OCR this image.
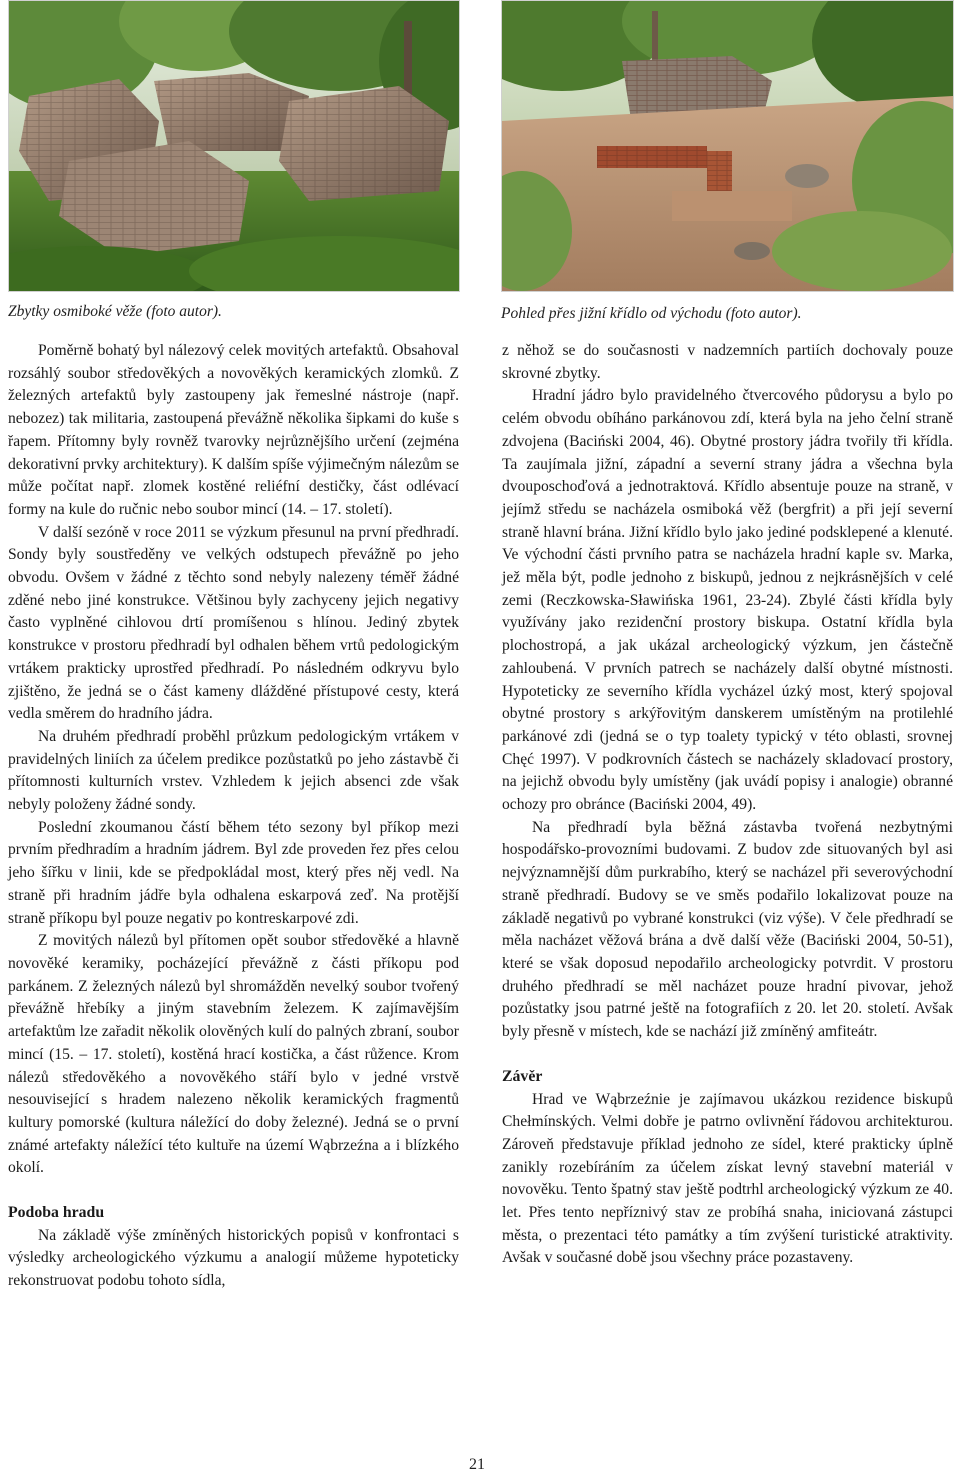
Zbytky osmiboké věže (foto autor).	Pohled přes jižní křídlo od východu (foto autor).

Poměrně bohatý byl nálezový celek movitých artefaktů. Obsahoval rozsáhlý soubor středověkých a novověkých keramických zlomků. Z železných artefaktů byly zastoupeny jak řemeslné nástroje (např. nebozez) tak militaria, zastoupená převážně několika šipkami do kuše s řapem. Přítomny byly rovněž tvarovky nejrůznějšího určení (zejména dekorativní prvky architektury). K dalším spíše výjimečným nálezům se může počítat např. zlomek kostěné reliéfní destičky, část odlévací formy na kule do ručnic nebo soubor mincí (14. – 17. století).

V další sezóně v roce 2011 se výzkum přesunul na první předhradí. Sondy byly soustředěny ve velkých odstupech převážně po jeho obvodu. Ovšem v žádné z těchto sond nebyly nalezeny téměř žádné zděné nebo jiné konstrukce. Většinou byly zachyceny jejich negativy často vyplněné cihlovou drtí promíšenou s hlínou. Jediný zbytek konstrukce v prostoru předhradí byl odhalen během vrtů pedologickým vrtákem prakticky uprostřed předhradí. Po následném odkryvu bylo zjištěno, že jedná se o část kameny dlážděné přístupové cesty, která vedla směrem do hradního jádra.

Na druhém předhradí proběhl průzkum pedologickým vrtákem v pravidelných liniích za účelem predikce pozůstatků po jeho zástavbě či přítomnosti kulturních vrstev. Vzhledem k jejich absenci zde však nebyly položeny žádné sondy.

Poslední zkoumanou částí během této sezony byl příkop mezi prvním předhradím a hradním jádrem. Byl zde proveden řez přes celou jeho šířku v linii, kde se předpokládal most, který přes něj vedl. Na straně při hradním jádře byla odhalena eskarpová zeď. Na protější straně příkopu byl pouze negativ po kontreskarpové zdi.

Z movitých nálezů byl přítomen opět soubor středověké a hlavně novověké keramiky, pocházející převážně z části příkopu pod parkánem. Z železných nálezů byl shromážděn nevelký soubor tvořený převážně hřebíky a jiným stavebním železem. K zajímavějším artefaktům lze zařadit několik olověných kulí do palných zbraní, soubor mincí (15. – 17. století), kostěná hrací kostička, a část růžence. Krom nálezů středověkého a novověkého stáří bylo v jedné vrstvě nesouvisející s hradem nalezeno několik keramických fragmentů kultury pomorské (kultura náležící do doby železné). Jedná se o první známé artefakty náležící této kultuře na území Wąbrzeźna a i blízkého okolí.

Podoba hradu

Na základě výše zmíněných historických popisů v konfrontaci s výsledky archeologického výzkumu a analogií můžeme hypoteticky rekonstruovat podobu tohoto sídla,

z něhož se do současnosti v nadzemních partiích dochovaly pouze skrovné zbytky.

Hradní jádro bylo pravidelného čtvercového půdorysu a bylo po celém obvodu obíháno parkánovou zdí, která byla na jeho čelní straně zdvojena (Baciński 2004, 46). Obytné prostory jádra tvořily tři křídla. Ta zaujímala jižní, západní a severní strany jádra a všechna byla dvouposchoďová a jednotraktová. Křídlo absentuje pouze na straně, v jejímž středu se nacházela osmiboká věž (bergfrit) a při její severní straně hlavní brána. Jižní křídlo bylo jako jediné podsklepené a klenuté. Ve východní části prvního patra se nacházela hradní kaple sv. Marka, jež měla být, podle jednoho z biskupů, jednou z nejkrásnějších v celé zemi (Reczkowska-Sławińska 1961, 23-24). Zbylé části křídla byly využívány jako rezidenční prostory biskupa. Ostatní křídla byla plochostropá, a jak ukázal archeologický výzkum, jen částečně zahloubená. V prvních patrech se nacházely další obytné místnosti. Hypoteticky ze severního křídla vycházel úzký most, který spojoval obytné prostory s arkýřovitým danskerem umístěným na protilehlé parkánové zdi (jedná se o typ toalety typický v této oblasti, srovnej Chęć 1997). V podkrovních částech se nacházely skladovací prostory, na jejichž obvodu byly umístěny (jak uvádí popisy i analogie) obranné ochozy pro obránce (Baciński 2004, 49).

Na předhradí byla běžná zástavba tvořená nezbytnými hospodářsko-provozními budovami. Z budov zde situovaných byl asi nejvýznamnější dům purkrabího, který se nacházel při severovýchodní straně předhradí. Budovy se ve směs podařilo lokalizovat pouze na základě negativů po vybrané konstrukci (viz výše). V čele předhradí se měla nacházet věžová brána a dvě další věže (Baciński 2004, 50-51), které se však doposud nepodařilo archeologicky potvrdit. V prostoru druhého předhradí se měl nacházet pouze hradní pivovar, jehož pozůstatky jsou patrné ještě na fotografiích z 20. let 20. století. Avšak byly přesně v místech, kde se nachází již zmíněný amfiteátr.

Závěr

Hrad ve Wąbrzeźnie je zajímavou ukázkou rezidence biskupů Chełmínských. Velmi dobře je patrno ovlivnění řádovou architekturou. Zároveň představuje příklad jednoho ze sídel, které prakticky úplně zanikly rozebíráním za účelem získat levný stavební materiál v novověku. Tento špatný stav ještě podtrhl archeologický výzkum ze 40. let. Přes tento nepříznivý stav ze probíhá snaha, iniciovaná zástupci města, o prezentaci této památky a tím zvýšení turistické atraktivity. Avšak v současné době jsou všechny práce pozastaveny.

21
